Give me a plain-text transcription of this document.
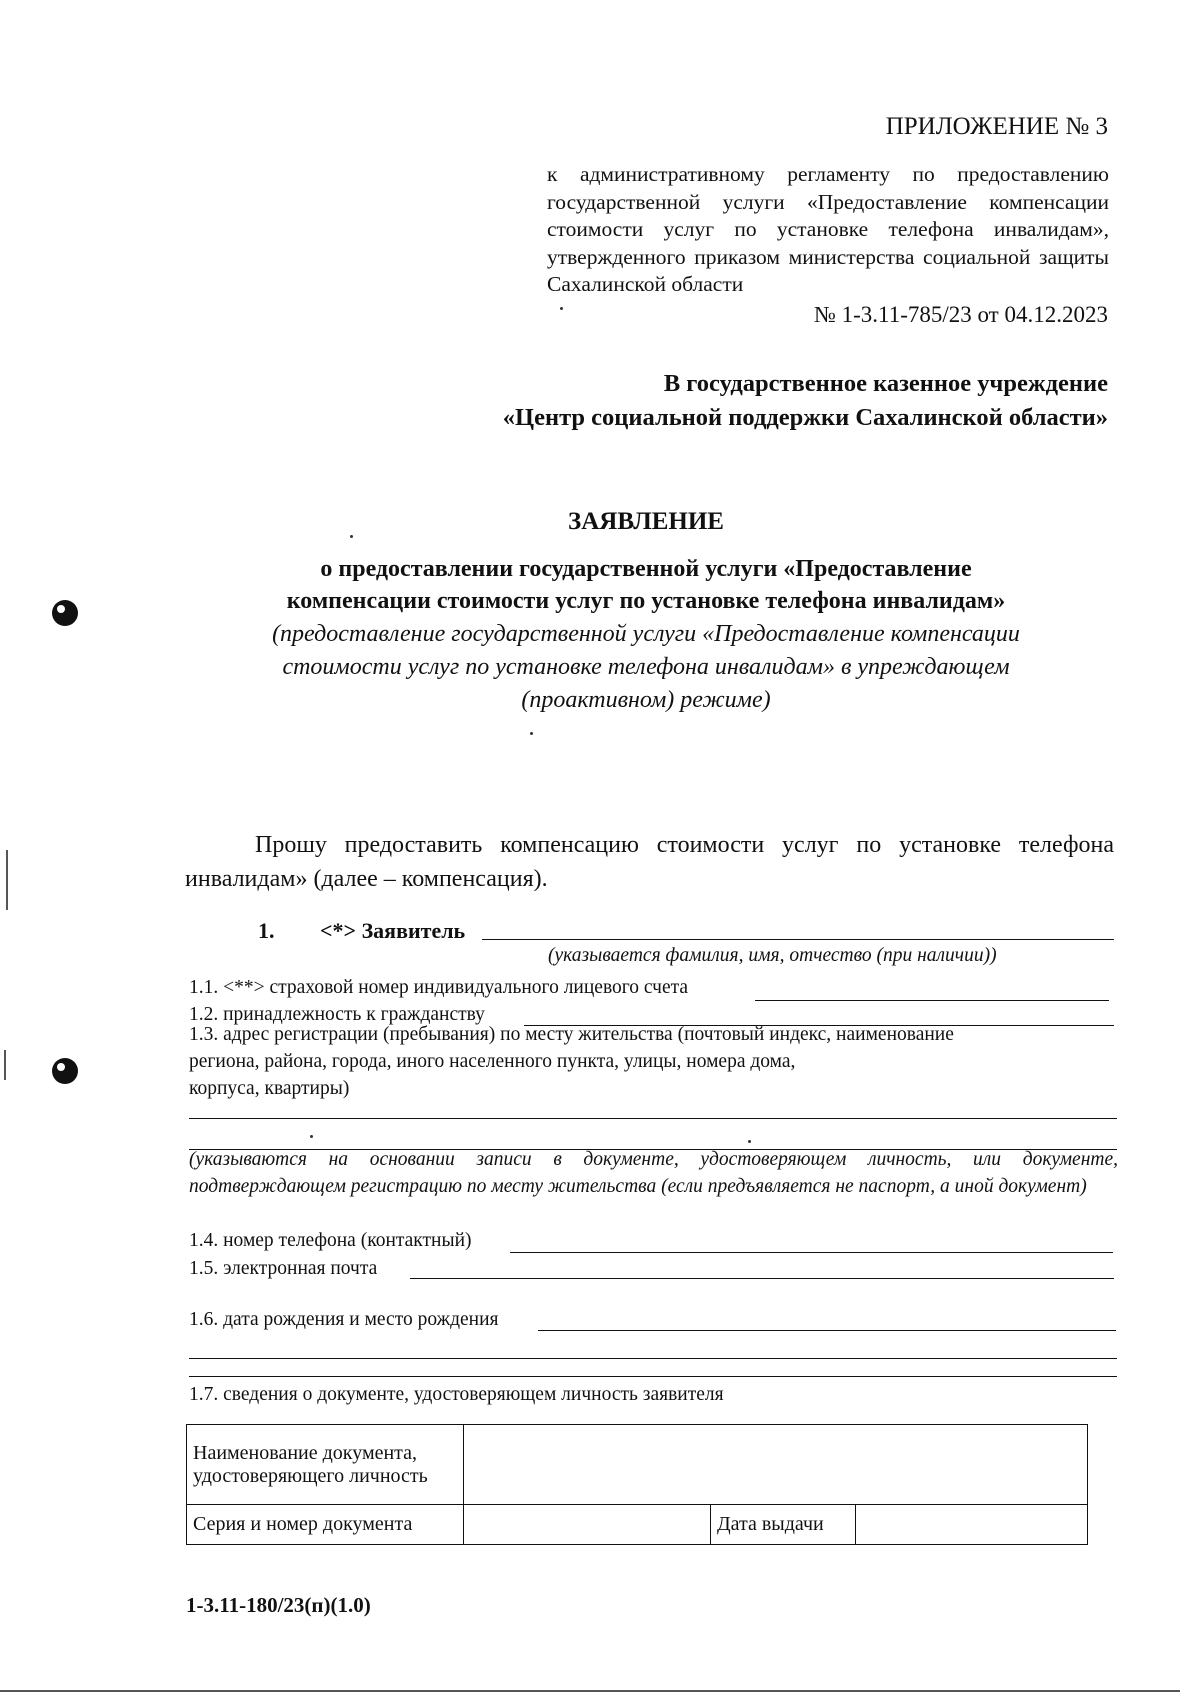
ПРИЛОЖЕНИЕ № 3
к административному регламенту по предоставлению государственной услуги «Предоставление компенсации стоимости услуг по установке телефона инвалидам», утвержденного приказом министерства социальной защиты Сахалинской области
№ 1-3.11-785/23 от 04.12.2023
В государственное казенное учреждение
«Центр социальной поддержки Сахалинской области»
ЗАЯВЛЕНИЕ
о предоставлении государственной услуги «Предоставление
компенсации стоимости услуг по установке телефона инвалидам»
(предоставление государственной услуги «Предоставление компенсации
стоимости услуг по установке телефона инвалидам» в упреждающем
(проактивном) режиме)
Прошу предоставить компенсацию стоимости услуг по установке телефона инвалидам» (далее – компенсация).
1. <*> Заявитель
(указывается фамилия, имя, отчество (при наличии))
1.1. <**> страховой номер индивидуального лицевого счета
1.2. принадлежность к гражданству
1.3. адрес регистрации (пребывания) по месту жительства (почтовый индекс, наименование
региона, района, города, иного населенного пункта, улицы, номера дома,
корпуса, квартиры)
(указываются на основании записи в документе, удостоверяющем личность, или документе, подтверждающем регистрацию по месту жительства (если предъявляется не паспорт, а иной документ)
1.4. номер телефона (контактный)
1.5. электронная почта
1.6. дата рождения и место рождения
1.7. сведения о документе, удостоверяющем личность заявителя
Наименование документа,
удостоверяющего личность			

Серия и номер документа		Дата выдачи	
1-3.11-180/23(п)(1.0)
